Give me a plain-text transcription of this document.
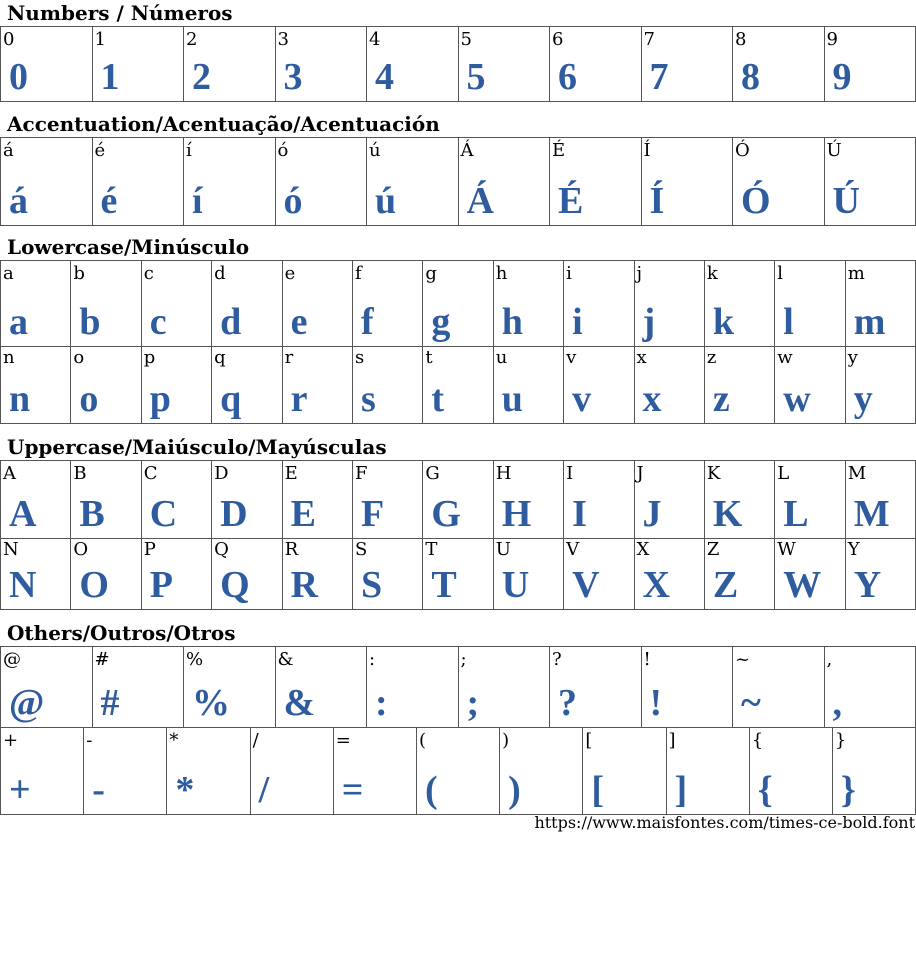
Numbers / Números
0
0
1
1
2
2
3
3
4
4
5
5
6
6
7
7
8
8
9
9
Accentuation/Acentuação/Acentuación
á
á
é
é
í
í
ó
ó
ú
ú
Á
Á
É
É
Í
Í
Ó
Ó
Ú
Ú
Lowercase/Minúsculo
a
a
b
b
c
c
d
d
e
e
f
f
g
g
h
h
i
i
j
j
k
k
l
l
m
m
n
n
o
o
p
p
q
q
r
r
s
s
t
t
u
u
v
v
x
x
z
z
w
w
y
y
Uppercase/Maiúsculo/Mayúsculas
A
A
B
B
C
C
D
D
E
E
F
F
G
G
H
H
I
I
J
J
K
K
L
L
M
M
N
N
O
O
P
P
Q
Q
R
R
S
S
T
T
U
U
V
V
X
X
Z
Z
W
W
Y
Y
Others/Outros/Otros
@
@
#
#
%
%
&
&
:
:
;
;
?
?
!
!
~
~
,
,
+
+
-
-
*
*
/
/
=
=
(
(
)
)
[
[
]
]
{
{
}
}
https://www.maisfontes.com/times-ce-bold.font
